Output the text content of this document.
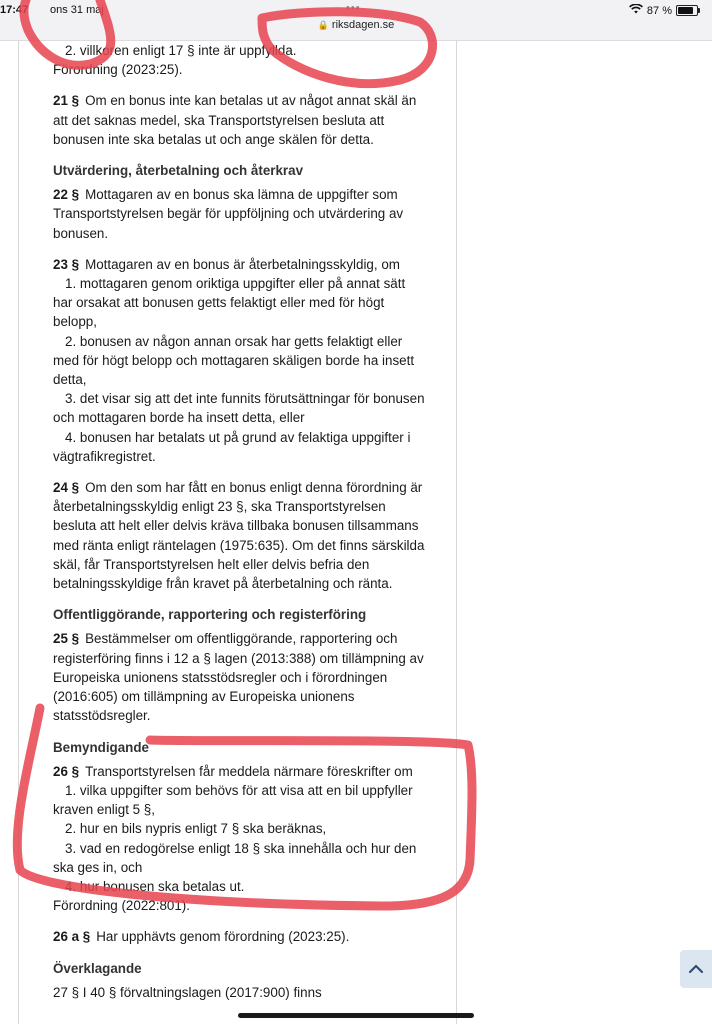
17:47 ons 31 maj	•••
🔒 riksdagen.se
87 %

2. villkoren enligt 17 § inte är uppfyllda.

Förordning (2023:25).

21 § Om en bonus inte kan betalas ut av något annat skäl än att det saknas medel, ska Transportstyrelsen besluta att bonusen inte ska betalas ut och ange skälen för detta.

Utvärdering, återbetalning och återkrav

22 § Mottagaren av en bonus ska lämna de uppgifter som Transportstyrelsen begär för uppföljning och utvärdering av bonusen.

23 § Mottagaren av en bonus är återbetalningsskyldig, om
1. mottagaren genom oriktiga uppgifter eller på annat sätt har orsakat att bonusen getts felaktigt eller med för högt belopp,
2. bonusen av någon annan orsak har getts felaktigt eller med för högt belopp och mottagaren skäligen borde ha insett detta,
3. det visar sig att det inte funnits förutsättningar för bonusen och mottagaren borde ha insett detta, eller
4. bonusen har betalats ut på grund av felaktiga uppgifter i vägtrafikregistret.

24 § Om den som har fått en bonus enligt denna förordning är återbetalningsskyldig enligt 23 §, ska Transportstyrelsen besluta att helt eller delvis kräva tillbaka bonusen tillsammans med ränta enligt räntelagen (1975:635). Om det finns särskilda skäl, får Transportstyrelsen helt eller delvis befria den betalningsskyldige från kravet på återbetalning och ränta.

Offentliggörande, rapportering och registerföring

25 § Bestämmelser om offentliggörande, rapportering och registerföring finns i 12 a § lagen (2013:388) om tillämpning av Europeiska unionens statsstödsregler och i förordningen (2016:605) om tillämpning av Europeiska unionens statsstödsregler.

Bemyndigande

26 § Transportstyrelsen får meddela närmare föreskrifter om
1. vilka uppgifter som behövs för att visa att en bil uppfyller kraven enligt 5 §,
2. hur en bils nypris enligt 7 § ska beräknas,
3. vad en redogörelse enligt 18 § ska innehålla och hur den ska ges in, och
4. hur bonusen ska betalas ut.
Förordning (2022:801).

26 a § Har upphävts genom förordning (2023:25).

Överklagande

27 § I 40 § förvaltningslagen (2017:900) finns
